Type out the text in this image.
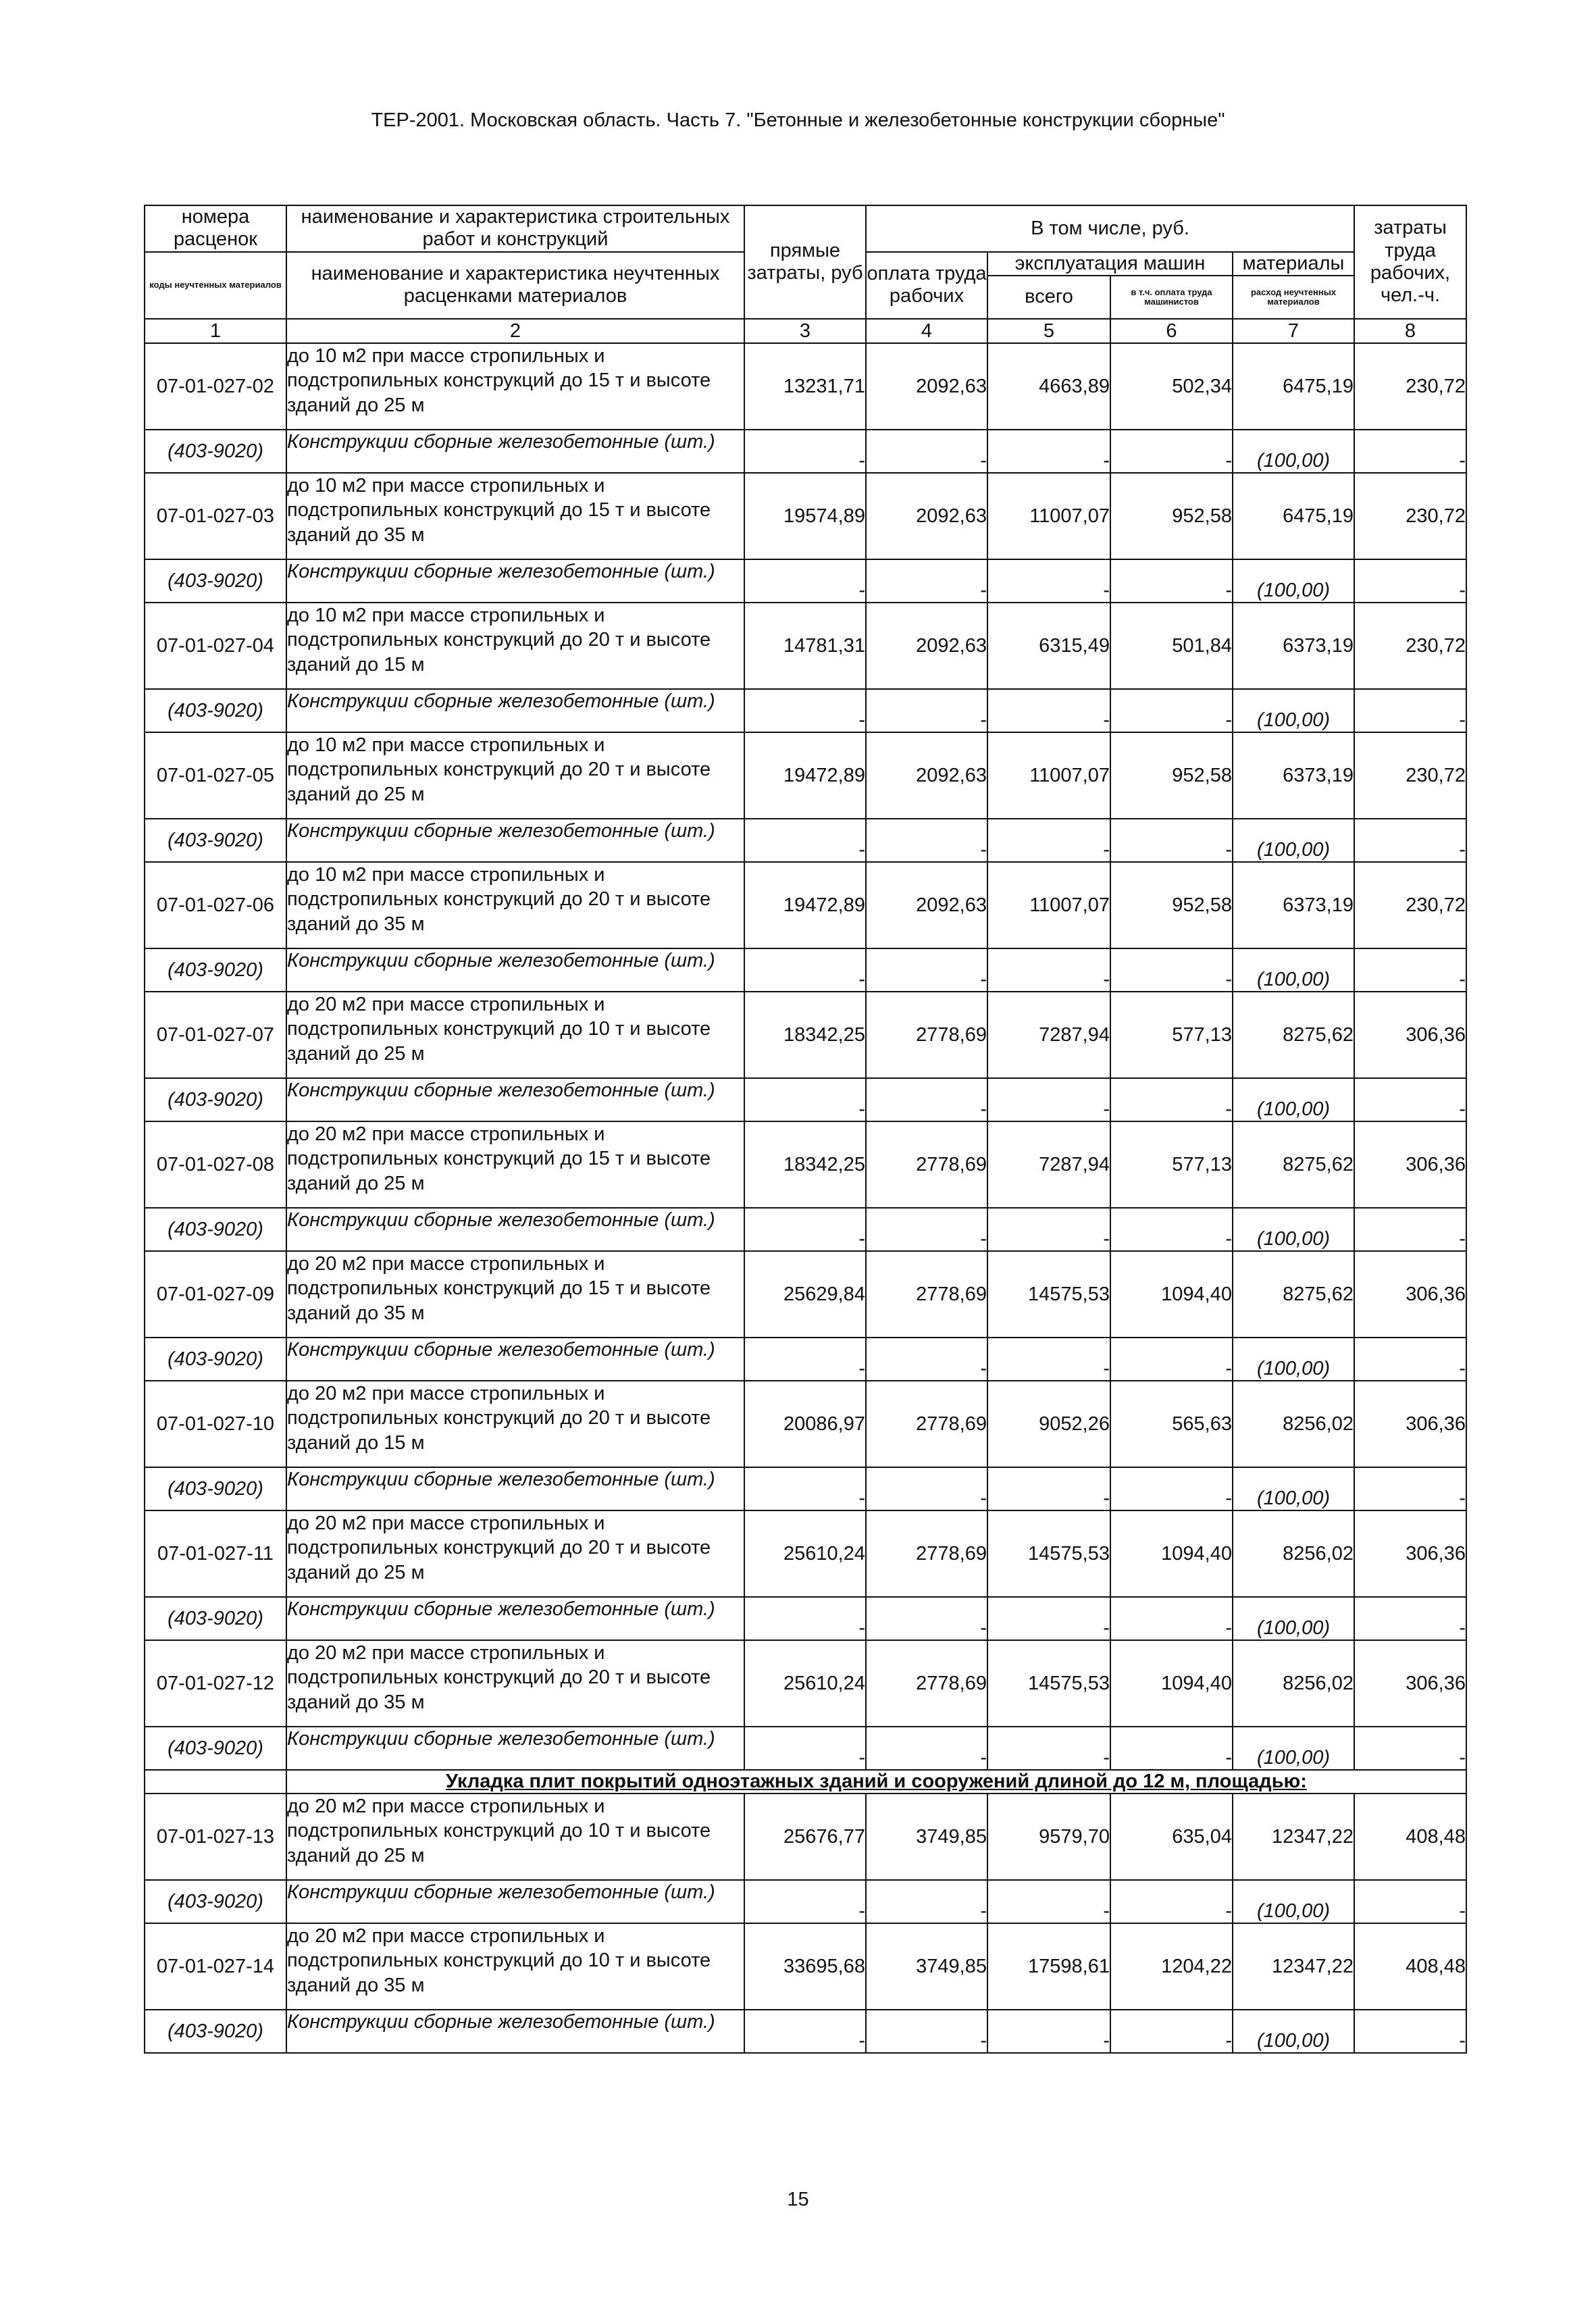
ТЕР-2001. Московская область. Часть 7. "Бетонные и железобетонные конструкции сборные"
номера расценок	наименование и характеристика строительных работ и конструкций	прямые затраты, руб	В том числе, руб.				затраты труда рабочих, чел.-ч.
коды неучтенных материалов	наименование и характеристика неучтенных расценками материалов		оплата труда рабочих	эксплуатация машин		материалы	
				всего	в т.ч. оплата труда машинистов	расход неучтенных материалов	
1	2	3	4	5	6	7	8
07-01-027-02	до 10 м2 при массе стропильных и подстропильных конструкций до 15 т и высоте зданий до 25 м	13231,71	2092,63	4663,89	502,34	6475,19	230,72
(403-9020)	Конструкции сборные железобетонные (шт.)	-	-	-	-	(100,00)	-
07-01-027-03	до 10 м2 при массе стропильных и подстропильных конструкций до 15 т и высоте зданий до 35 м	19574,89	2092,63	11007,07	952,58	6475,19	230,72
(403-9020)	Конструкции сборные железобетонные (шт.)	-	-	-	-	(100,00)	-
07-01-027-04	до 10 м2 при массе стропильных и подстропильных конструкций до 20 т и высоте зданий до 15 м	14781,31	2092,63	6315,49	501,84	6373,19	230,72
(403-9020)	Конструкции сборные железобетонные (шт.)	-	-	-	-	(100,00)	-
07-01-027-05	до 10 м2 при массе стропильных и подстропильных конструкций до 20 т и высоте зданий до 25 м	19472,89	2092,63	11007,07	952,58	6373,19	230,72
(403-9020)	Конструкции сборные железобетонные (шт.)	-	-	-	-	(100,00)	-
07-01-027-06	до 10 м2 при массе стропильных и подстропильных конструкций до 20 т и высоте зданий до 35 м	19472,89	2092,63	11007,07	952,58	6373,19	230,72
(403-9020)	Конструкции сборные железобетонные (шт.)	-	-	-	-	(100,00)	-
07-01-027-07	до 20 м2 при массе стропильных и подстропильных конструкций до 10 т и высоте зданий до 25 м	18342,25	2778,69	7287,94	577,13	8275,62	306,36
(403-9020)	Конструкции сборные железобетонные (шт.)	-	-	-	-	(100,00)	-
07-01-027-08	до 20 м2 при массе стропильных и подстропильных конструкций до 15 т и высоте зданий до 25 м	18342,25	2778,69	7287,94	577,13	8275,62	306,36
(403-9020)	Конструкции сборные железобетонные (шт.)	-	-	-	-	(100,00)	-
07-01-027-09	до 20 м2 при массе стропильных и подстропильных конструкций до 15 т и высоте зданий до 35 м	25629,84	2778,69	14575,53	1094,40	8275,62	306,36
(403-9020)	Конструкции сборные железобетонные (шт.)	-	-	-	-	(100,00)	-
07-01-027-10	до 20 м2 при массе стропильных и подстропильных конструкций до 20 т и высоте зданий до 15 м	20086,97	2778,69	9052,26	565,63	8256,02	306,36
(403-9020)	Конструкции сборные железобетонные (шт.)	-	-	-	-	(100,00)	-
07-01-027-11	до 20 м2 при массе стропильных и подстропильных конструкций до 20 т и высоте зданий до 25 м	25610,24	2778,69	14575,53	1094,40	8256,02	306,36
(403-9020)	Конструкции сборные железобетонные (шт.)	-	-	-	-	(100,00)	-
07-01-027-12	до 20 м2 при массе стропильных и подстропильных конструкций до 20 т и высоте зданий до 35 м	25610,24	2778,69	14575,53	1094,40	8256,02	306,36
(403-9020)	Конструкции сборные железобетонные (шт.)	-	-	-	-	(100,00)	-
	Укладка плит покрытий одноэтажных зданий и сооружений длиной до 12 м, площадью:						
07-01-027-13	до 20 м2 при массе стропильных и подстропильных конструкций до 10 т и высоте зданий до 25 м	25676,77	3749,85	9579,70	635,04	12347,22	408,48
(403-9020)	Конструкции сборные железобетонные (шт.)	-	-	-	-	(100,00)	-
07-01-027-14	до 20 м2 при массе стропильных и подстропильных конструкций до 10 т и высоте зданий до 35 м	33695,68	3749,85	17598,61	1204,22	12347,22	408,48
(403-9020)	Конструкции сборные железобетонные (шт.)	-	-	-	-	(100,00)	-
15
